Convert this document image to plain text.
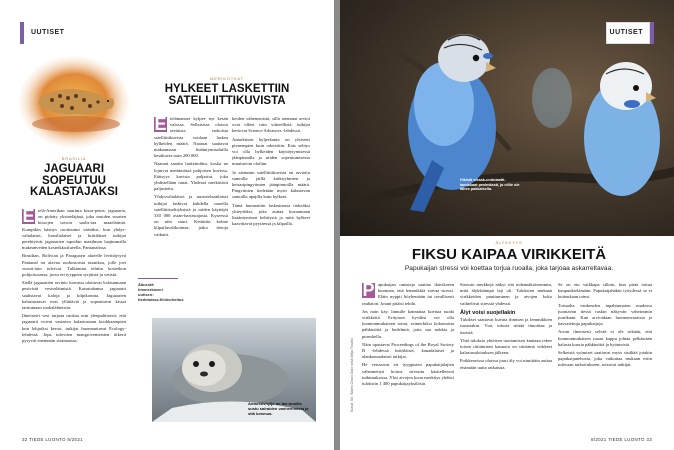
UUTISET
BRASILIA
JAGUAARI SOPEUTUU KALASTAJAKSI
E telä-Amerikan suurinta kissa-petoa, jaguaaria, on pidetty yksineläjänä, joka muiden suurten kissojen tavoin saalis-taa maaeläimiä. Kumpikin käsitys osoittautui vääräksi, kun yhdys-valtalaiset, brasilialaiset ja brittiläiset tutkijat perehtyivät jaguaarien tapoihin maailman laajimmalla makeanveden kosteikkoalueella, Pantanalissa.

Brasilian, Bolivian ja Paraguayn alueelle levittäytyvä Pantanal on alavaa ruohostoista tasankoa, jolle joet vuosit-tain tulvivat. Tulkinnan tehtiin kosteikon pohjoisosassa, jossa eri tyyppien syrjäistä ja vetistä.

Siellä jaguaarien ravinto koostuu ulottuvat kalastamaan pesivistä vesiseläimistä. Kaisutahansa jaguaarit saalistavat kaloja ja kilpikonnia. Jaguaarien kalastustavat ovat yllättäviä ja sopeuttavat kissat tarttumaan ruokalähteisiin.

Ilmeisesti vesi tarjoaa ruokaa niin ylenpalttisesti, että jaguaarit voivat vastaava kalastustaan kookkaampien kun lohjoiksi kerrot, tutkijat huomauttavat Ecology-lehdessä. Jopa tuloviien mangrovemetsien tiikerit pysyvät enemmän sisämaassa.

MERIKOTKAT
HYLKEET LASKETTIIN SATELLIITTIKUVISTA
E telämanner kylpee nyt kesän valossa. Sellaisissa oloissa otetuista tarkoista satelliittikuvista voidaan laskea hylkeiden määrä. Naaraat saattavat makaamaan lisääntymisaluilla kesäkuvia noin 200 000.

Naaraat saattin laskettuihin, koska ne lojuivat mettämässä pohjoisen kuvissa. Etäisyys kuvista paljastui, joka yhdistellään ranat. Yhdessä merkittävä paljastettu.

Yhdysvaltalaiset ja uusiseelantilaiset tutkijat laskivat kahdella saarella satelliittiselityksistä ja niiden käyttäjät 330 000 asian-harrastajasta. Kyseessä on niin suuri. Kerättiin kolme kilpailuvalikoimaa, jotka tietoja vaikutti.

keiden vähenemistä, sillä aiemmat arviot ovat olleet vain viitteellisiä, tutkijat kertovat Science Advances -lehdessä.

Antarktisen hyljerkanta on yleisesti pienempien kuin odotettiin. Eräs selitys voi olla hylkeiden käyttäytymisessä jäänpinnalla ja niiden sopeutumisessa muuttuviin oloihin.

Jo aiemmin satelliittikuvista on arvioitu samoilla jäillä kärkiryhmien ja keisaripingviinien jäänpinnoilla määrä. Pingviinien tiedetään myös kalastavan samoilla apajilla kuin hylkeet.

Tämä huomattiin laskennassa tärkeäksi yhteydeksi, joka auttaa kuvaamaan lisääntymisen kehitystä ja mitä hylkeet kaavittavat pyytäessä ja kilpailla.

Äänestä timmerkaveri uutisen: tiedetaivas.fi/ideohoitus
Antarktishylje on lan-tumilla sustu sairaiden vanhemmista ja sitä lummua.
32 TIEDE LUONTO 8/2021
UUTISET
Hikisiä siksak-undulaatti-tamiskaat pesimässä, ja niille ole lähes pakkaisella.
Kuvat: Sh. Wales Chain Gain sekä Mitja Trowilo
ÄLYKKYYS
FIKSU KAIPAA VIRIKKEITÄ
Papukaijan stressi voi koettaa torjua ruoalla, joka tarjoaa askarreltavaa.
P apukaijan omistaja saattaa ikävikseen huomata, että lemmikkiä vaivaa stressi. Eläin nyppii höyheniään tai tavallisesti rauhaton. Jotain pitäisi tehdä.

Jos noin käy, linnulle kannattaa koettaa tuoda virikkeitä. Erityisen hyväksi voi olla luonnonmukainen toimi, esimerkiksi kokonaisia pähkinöitä ja hedelmiä, joita saa nokkia ja pureskella.

Näin opastavat Proceedings of the Royal Society B -lehdessä brittiläiset, kanadalaiset ja alankomaalaiset tutkijat.

He vertasivat eri tyyppisten papukaijalajien vähennettyä hoitoa stressiin käsitelleessä tutkimuksissa. Yksi aivojen koon merkitys yhdisti tuloksiin 1 400 papukaijayksilöstä.

Stressin merkkejä näkyi sitä todennäköisemmin, mitä älykkäämpä laji oli. Tuloksien mukaan virikkeiden puuttuminen ja aivojen koko vaihtelivat stressiä yhdessä.

Älyt voisi suojellakin

Tulokset saattavat kuvata ihmisen ja lemmikkien ruoastakin. Viat, tulosta riittää ilmoittaa ja itsensä.

Yhtä tuloksia yhteisen tuottamisen kantaan tekee toisen riittämisen kannoin on väittämä virkkeet kalastusaloituksen jälkeen.

Poikkeavissa oloissa juuri äly voi nimittäin auttaa etsimään uutta ratkaisua.

Se on etu vaikkapa silloin, kun pitää tottua kaupunkielämään. Papukaijahäkin työydessä se ei kuitenkaan toimi.

Toisaalta vankeuden tapahtumaton mudessa juontavan tiessä tuskin näkyvän vahvimmin juurikaan. Kun arvioidaan luonnonvaraisia ja kasvatettuja papukaijoja.

Aivan ilmeisesti selvää ei ole sekään, että luonnonmukaisen ruoan kappu johtaa pelkästään halusta kuoria pähkinöitä ja hyönteisiä.

Selkeistä syömiset saattavat myös sisältää jotakin papukaijanehosta, joka vaikuttaa mukaan esiin tulevaan tarkoitukseen, toteavat tutkijat.

8/2021 TIEDE LUONTO 33
